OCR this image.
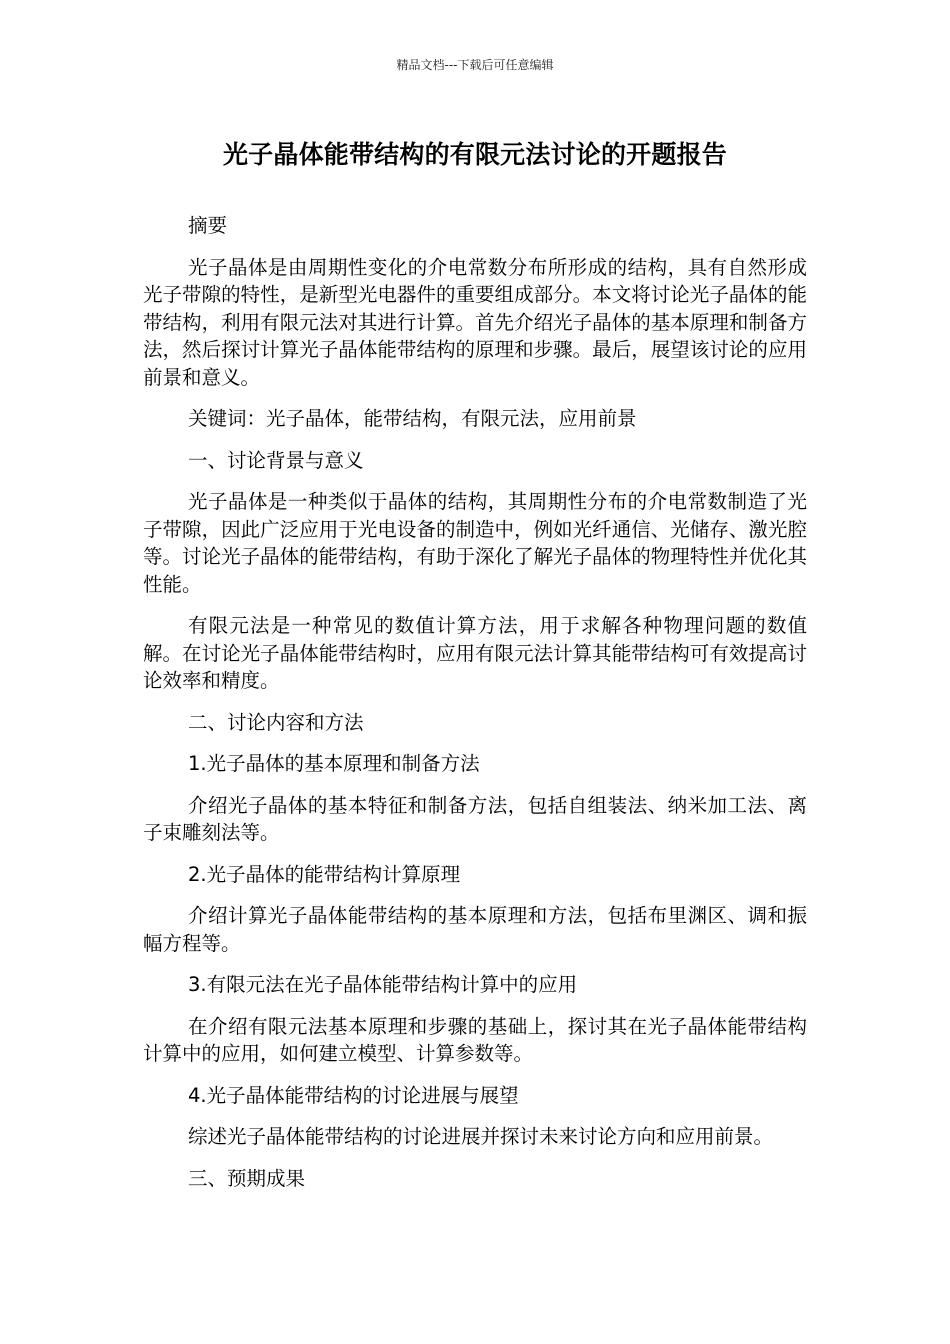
精品文档---下载后可任意编辑
光子晶体能带结构的有限元法讨论的开题报告

摘要

光子晶体是由周期性变化的介电常数分布所形成的结构，具有自然形成光子带隙的特性，是新型光电器件的重要组成部分。本文将讨论光子晶体的能带结构，利用有限元法对其进行计算。首先介绍光子晶体的基本原理和制备方法，然后探讨计算光子晶体能带结构的原理和步骤。最后，展望该讨论的应用前景和意义。

关键词：光子晶体，能带结构，有限元法，应用前景

一、讨论背景与意义

光子晶体是一种类似于晶体的结构，其周期性分布的介电常数制造了光子带隙，因此广泛应用于光电设备的制造中，例如光纤通信、光储存、激光腔等。讨论光子晶体的能带结构，有助于深化了解光子晶体的物理特性并优化其性能。

有限元法是一种常见的数值计算方法，用于求解各种物理问题的数值解。在讨论光子晶体能带结构时，应用有限元法计算其能带结构可有效提高讨论效率和精度。

二、讨论内容和方法

1.光子晶体的基本原理和制备方法

介绍光子晶体的基本特征和制备方法，包括自组装法、纳米加工法、离子束雕刻法等。

2.光子晶体的能带结构计算原理

介绍计算光子晶体能带结构的基本原理和方法，包括布里渊区、调和振幅方程等。

3.有限元法在光子晶体能带结构计算中的应用

在介绍有限元法基本原理和步骤的基础上，探讨其在光子晶体能带结构计算中的应用，如何建立模型、计算参数等。

4.光子晶体能带结构的讨论进展与展望

综述光子晶体能带结构的讨论进展并探讨未来讨论方向和应用前景。

三、预期成果
